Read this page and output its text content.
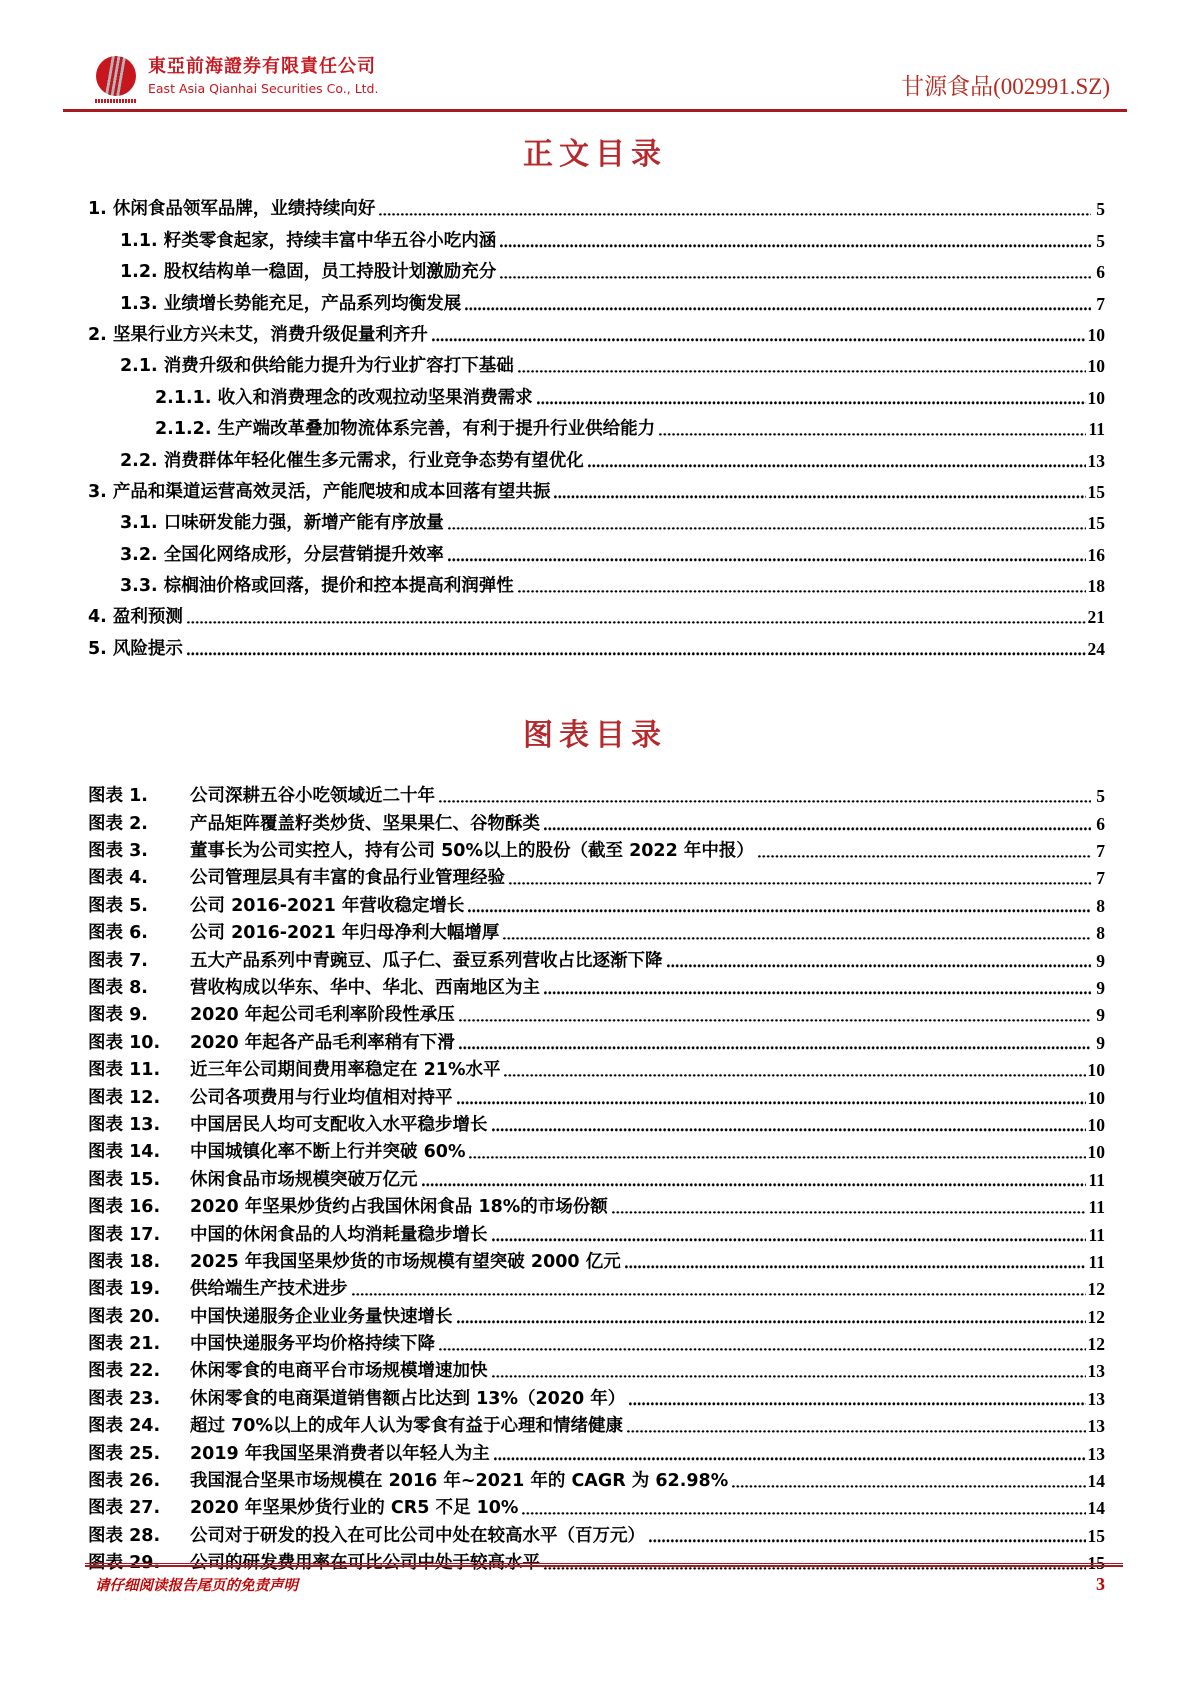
東亞前海證券有限責任公司
East Asia Qianhai Securities Co., Ltd.	甘源食品(002991.SZ)
正文目录
1. 休闲食品领军品牌，业绩持续向好	5
1.1. 籽类零食起家，持续丰富中华五谷小吃内涵	5
1.2. 股权结构单一稳固，员工持股计划激励充分	6
1.3. 业绩增长势能充足，产品系列均衡发展	7
2. 坚果行业方兴未艾，消费升级促量利齐升	10
2.1. 消费升级和供给能力提升为行业扩容打下基础	10
2.1.1. 收入和消费理念的改观拉动坚果消费需求	10
2.1.2. 生产端改革叠加物流体系完善，有利于提升行业供给能力	11
2.2. 消费群体年轻化催生多元需求，行业竞争态势有望优化	13
3. 产品和渠道运营高效灵活，产能爬坡和成本回落有望共振	15
3.1. 口味研发能力强，新增产能有序放量	15
3.2. 全国化网络成形，分层营销提升效率	16
3.3. 棕榈油价格或回落，提价和控本提高利润弹性	18
4. 盈利预测	21
5. 风险提示	24
图表目录
图表 1.	公司深耕五谷小吃领域近二十年	5
图表 2.	产品矩阵覆盖籽类炒货、坚果果仁、谷物酥类	6
图表 3.	董事长为公司实控人，持有公司 50%以上的股份（截至 2022 年中报）	7
图表 4.	公司管理层具有丰富的食品行业管理经验	7
图表 5.	公司 2016-2021 年营收稳定增长	8
图表 6.	公司 2016-2021 年归母净利大幅增厚	8
图表 7.	五大产品系列中青豌豆、瓜子仁、蚕豆系列营收占比逐渐下降	9
图表 8.	营收构成以华东、华中、华北、西南地区为主	9
图表 9.	2020 年起公司毛利率阶段性承压	9
图表 10.	2020 年起各产品毛利率稍有下滑	9
图表 11.	近三年公司期间费用率稳定在 21%水平	10
图表 12.	公司各项费用与行业均值相对持平	10
图表 13.	中国居民人均可支配收入水平稳步增长	10
图表 14.	中国城镇化率不断上行并突破 60%	10
图表 15.	休闲食品市场规模突破万亿元	11
图表 16.	2020 年坚果炒货约占我国休闲食品 18%的市场份额	11
图表 17.	中国的休闲食品的人均消耗量稳步增长	11
图表 18.	2025 年我国坚果炒货的市场规模有望突破 2000 亿元	11
图表 19.	供给端生产技术进步	12
图表 20.	中国快递服务企业业务量快速增长	12
图表 21.	中国快递服务平均价格持续下降	12
图表 22.	休闲零食的电商平台市场规模增速加快	13
图表 23.	休闲零食的电商渠道销售额占比达到 13%（2020 年）	13
图表 24.	超过 70%以上的成年人认为零食有益于心理和情绪健康	13
图表 25.	2019 年我国坚果消费者以年轻人为主	13
图表 26.	我国混合坚果市场规模在 2016 年~2021 年的 CAGR 为 62.98%	14
图表 27.	2020 年坚果炒货行业的 CR5 不足 10%	14
图表 28.	公司对于研发的投入在可比公司中处在较高水平（百万元）	15
图表 29.	公司的研发费用率在可比公司中处于较高水平	15
请仔细阅读报告尾页的免责声明	3
